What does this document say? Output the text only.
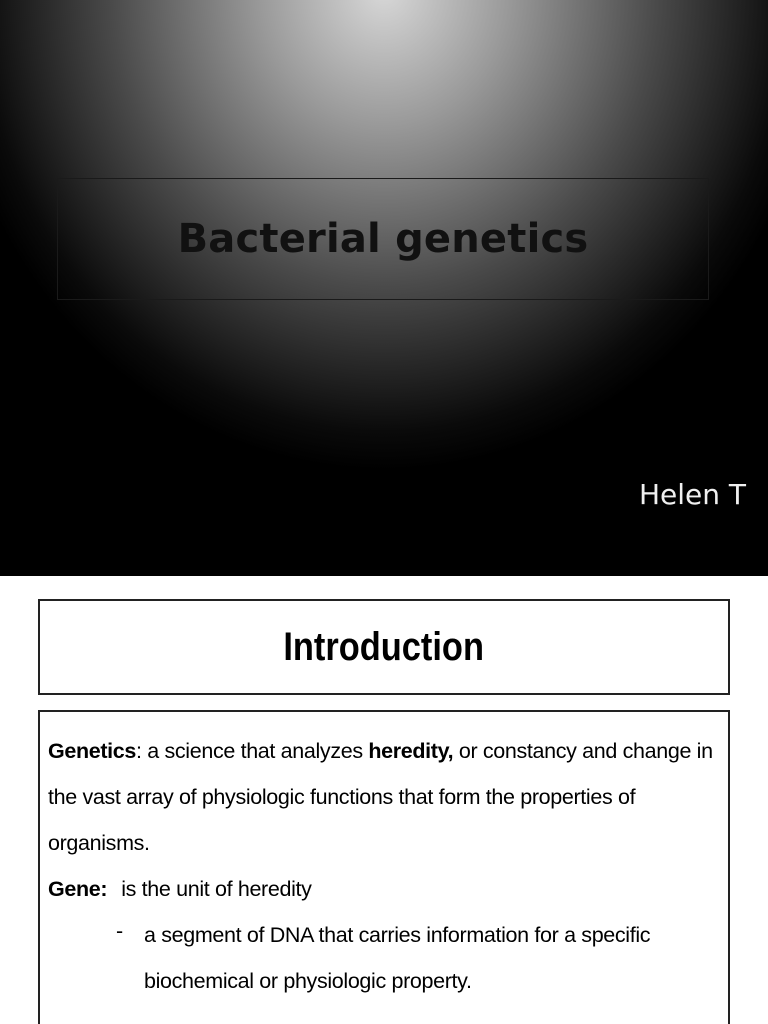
Bacterial genetics
Helen T
Introduction
Genetics: a science that analyzes heredity, or constancy and change in the vast array of physiologic functions that form the properties of organisms.
Gene: is the unit of heredity
- a segment of DNA that carries information for a specific biochemical or physiologic property.
